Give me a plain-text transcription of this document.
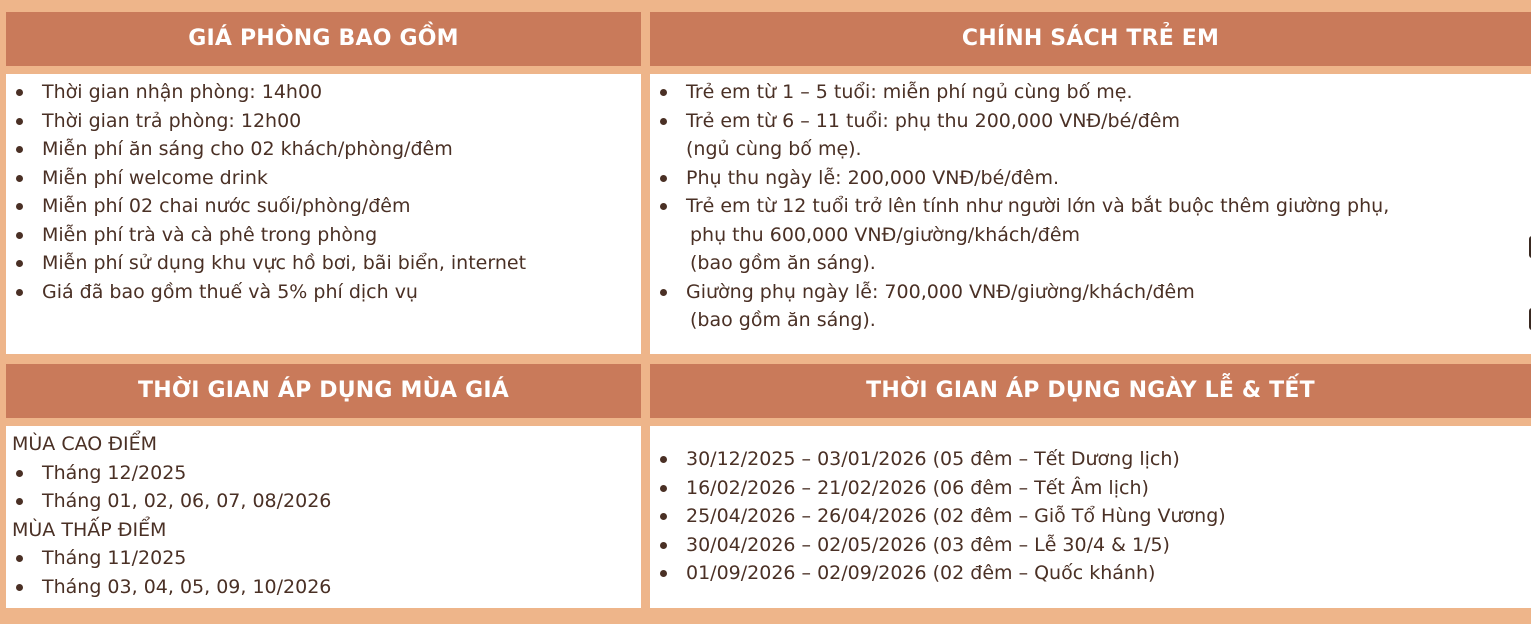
GIÁ PHÒNG BAO GỒM
Thời gian nhận phòng: 14h00
Thời gian trả phòng: 12h00
Miễn phí ăn sáng cho 02 khách/phòng/đêm
Miễn phí welcome drink
Miễn phí 02 chai nước suối/phòng/đêm
Miễn phí trà và cà phê trong phòng
Miễn phí sử dụng khu vực hồ bơi, bãi biển, internet
Giá đã bao gồm thuế và 5% phí dịch vụ
CHÍNH SÁCH TRẺ EM
Trẻ em từ 1 – 5 tuổi: miễn phí ngủ cùng bố mẹ.
Trẻ em từ 6 – 11 tuổi: phụ thu 200,000 VNĐ/bé/đêm
(ngủ cùng bố mẹ).
Phụ thu ngày lễ: 200,000 VNĐ/bé/đêm.
Trẻ em từ 12 tuổi trở lên tính như người lớn và bắt buộc thêm giường phụ,
phụ thu 600,000 VNĐ/giường/khách/đêm
(bao gồm ăn sáng).
Giường phụ ngày lễ: 700,000 VNĐ/giường/khách/đêm
(bao gồm ăn sáng).
THỜI GIAN ÁP DỤNG MÙA GIÁ
MÙA CAO ĐIỂM
Tháng 12/2025
Tháng 01, 02, 06, 07, 08/2026
MÙA THẤP ĐIỂM
Tháng 11/2025
Tháng 03, 04, 05, 09, 10/2026
THỜI GIAN ÁP DỤNG NGÀY LỄ & TẾT
30/12/2025 – 03/01/2026 (05 đêm – Tết Dương lịch)
16/02/2026 – 21/02/2026 (06 đêm – Tết Âm lịch)
25/04/2026 – 26/04/2026 (02 đêm – Giỗ Tổ Hùng Vương)
30/04/2026 – 02/05/2026 (03 đêm – Lễ 30/4 & 1/5)
01/09/2026 – 02/09/2026 (02 đêm – Quốc khánh)
